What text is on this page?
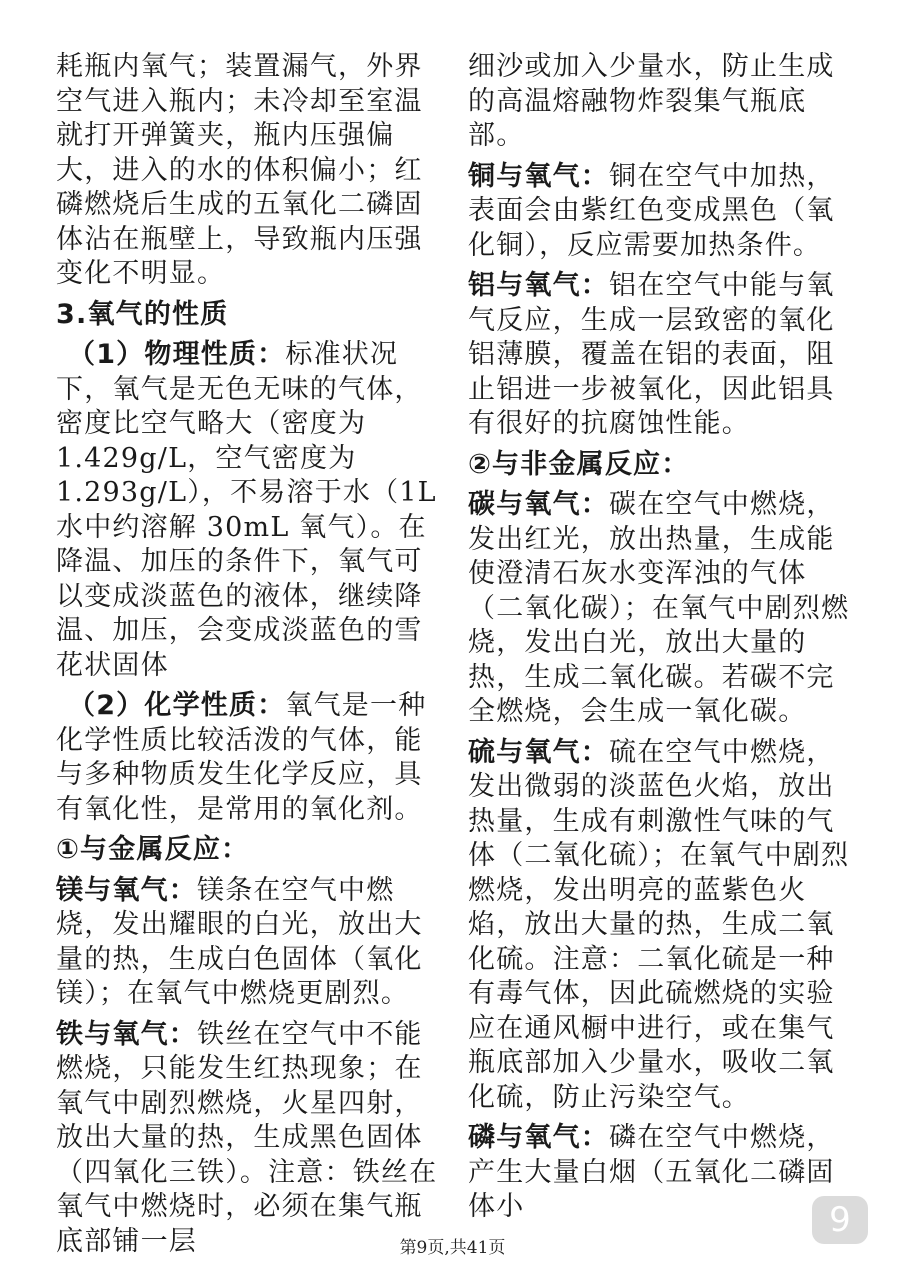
耗瓶内氧气；装置漏气，外界空气进入瓶内；未冷却至室温就打开弹簧夹，瓶内压强偏大，进入的水的体积偏小；红磷燃烧后生成的五氧化二磷固体沾在瓶壁上，导致瓶内压强变化不明显。

3.氧气的性质

（1）物理性质：标准状况下，氧气是无色无味的气体，密度比空气略大（密度为 1.429g/L，空气密度为 1.293g/L），不易溶于水（1L 水中约溶解 30mL 氧气）。在降温、加压的条件下，氧气可以变成淡蓝色的液体，继续降温、加压，会变成淡蓝色的雪花状固体

（2）化学性质：氧气是一种化学性质比较活泼的气体，能与多种物质发生化学反应，具有氧化性，是常用的氧化剂。

①与金属反应：

镁与氧气：镁条在空气中燃烧，发出耀眼的白光，放出大量的热，生成白色固体（氧化镁）；在氧气中燃烧更剧烈。

铁与氧气：铁丝在空气中不能燃烧，只能发生红热现象；在氧气中剧烈燃烧，火星四射，放出大量的热，生成黑色固体（四氧化三铁）。注意：铁丝在氧气中燃烧时，必须在集气瓶底部铺一层

细沙或加入少量水，防止生成的高温熔融物炸裂集气瓶底部。

铜与氧气：铜在空气中加热，表面会由紫红色变成黑色（氧化铜），反应需要加热条件。

铝与氧气：铝在空气中能与氧气反应，生成一层致密的氧化铝薄膜，覆盖在铝的表面，阻止铝进一步被氧化，因此铝具有很好的抗腐蚀性能。

②与非金属反应：

碳与氧气：碳在空气中燃烧，发出红光，放出热量，生成能使澄清石灰水变浑浊的气体（二氧化碳）；在氧气中剧烈燃烧，发出白光，放出大量的热，生成二氧化碳。若碳不完全燃烧，会生成一氧化碳。

硫与氧气：硫在空气中燃烧，发出微弱的淡蓝色火焰，放出热量，生成有刺激性气味的气体（二氧化硫）；在氧气中剧烈燃烧，发出明亮的蓝紫色火焰，放出大量的热，生成二氧化硫。注意：二氧化硫是一种有毒气体，因此硫燃烧的实验应在通风橱中进行，或在集气瓶底部加入少量水，吸收二氧化硫，防止污染空气。

磷与氧气：磷在空气中燃烧，产生大量白烟（五氧化二磷固体小	9
第9页,共41页
